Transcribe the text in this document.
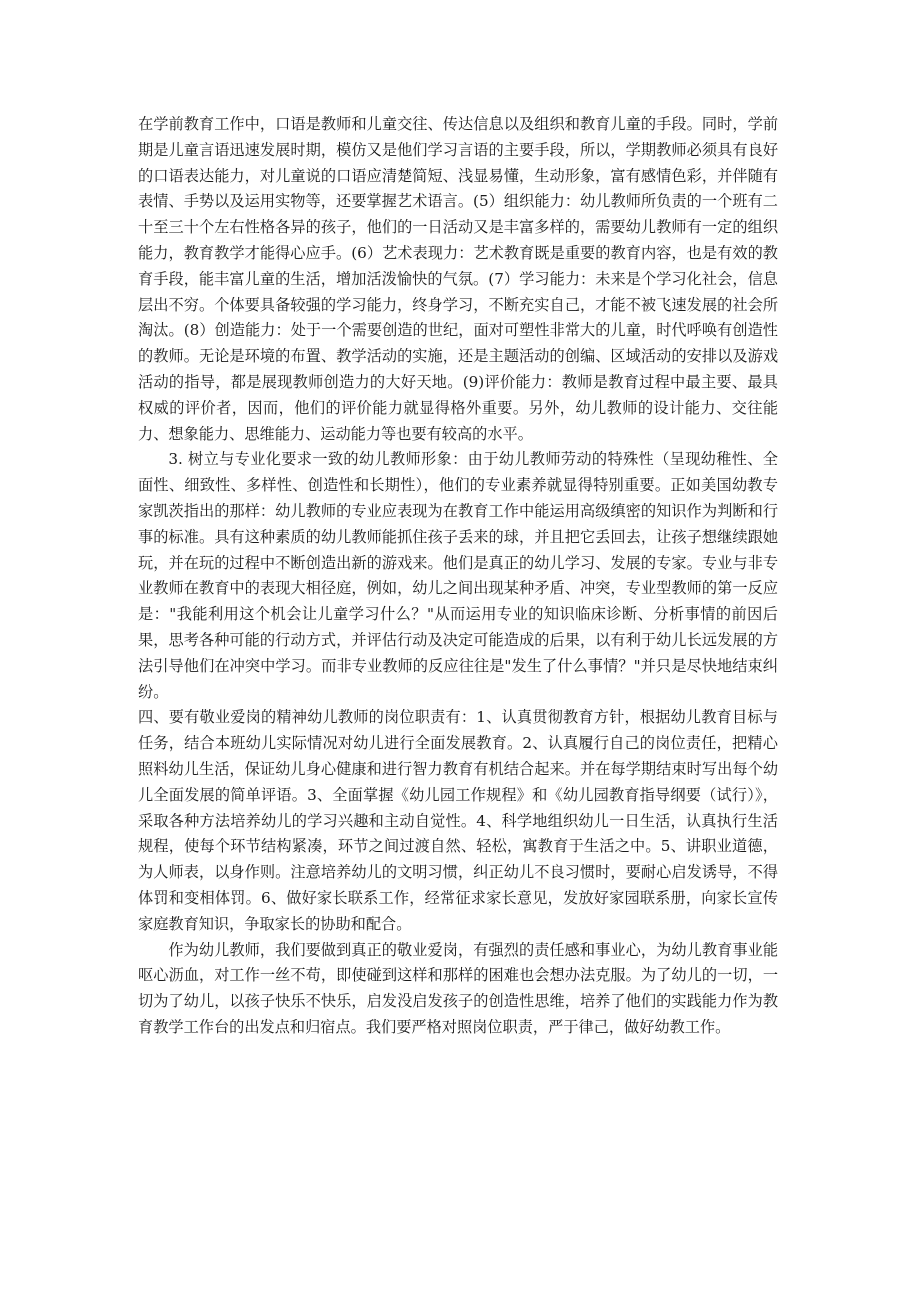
在学前教育工作中，口语是教师和儿童交往、传达信息以及组织和教育儿童的手段。同时，学前期是儿童言语迅速发展时期，模仿又是他们学习言语的主要手段，所以，学期教师必须具有良好的口语表达能力，对儿童说的口语应清楚简短、浅显易懂，生动形象，富有感情色彩，并伴随有表情、手势以及运用实物等，还要掌握艺术语言。(5）组织能力：幼儿教师所负责的一个班有二十至三十个左右性格各异的孩子，他们的一日活动又是丰富多样的，需要幼儿教师有一定的组织能力，教育教学才能得心应手。(6）艺术表现力：艺术教育既是重要的教育内容，也是有效的教育手段，能丰富儿童的生活，增加活泼愉快的气氛。(7）学习能力：未来是个学习化社会，信息层出不穷。个体要具备较强的学习能力，终身学习，不断充实自己，才能不被飞速发展的社会所淘汰。(8）创造能力：处于一个需要创造的世纪，面对可塑性非常大的儿童，时代呼唤有创造性的教师。无论是环境的布置、教学活动的实施，还是主题活动的创编、区域活动的安排以及游戏活动的指导，都是展现教师创造力的大好天地。(9)评价能力：教师是教育过程中最主要、最具权威的评价者，因而，他们的评价能力就显得格外重要。另外，幼儿教师的设计能力、交往能力、想象能力、思维能力、运动能力等也要有较高的水平。

3. 树立与专业化要求一致的幼儿教师形象：由于幼儿教师劳动的特殊性（呈现幼稚性、全面性、细致性、多样性、创造性和长期性），他们的专业素养就显得特别重要。正如美国幼教专家凯茨指出的那样：幼儿教师的专业应表现为在教育工作中能运用高级缜密的知识作为判断和行事的标准。具有这种素质的幼儿教师能抓住孩子丢来的球，并且把它丢回去，让孩子想继续跟她玩，并在玩的过程中不断创造出新的游戏来。他们是真正的幼儿学习、发展的专家。专业与非专业教师在教育中的表现大相径庭，例如，幼儿之间出现某种矛盾、冲突，专业型教师的第一反应是："我能利用这个机会让儿童学习什么？"从而运用专业的知识临床诊断、分析事情的前因后果，思考各种可能的行动方式，并评估行动及决定可能造成的后果，以有利于幼儿长远发展的方法引导他们在冲突中学习。而非专业教师的反应往往是"发生了什么事情？"并只是尽快地结束纠纷。

四、要有敬业爱岗的精神幼儿教师的岗位职责有：1、认真贯彻教育方针，根据幼儿教育目标与任务，结合本班幼儿实际情况对幼儿进行全面发展教育。2、认真履行自己的岗位责任，把精心照料幼儿生活，保证幼儿身心健康和进行智力教育有机结合起来。并在每学期结束时写出每个幼儿全面发展的简单评语。3、全面掌握《幼儿园工作规程》和《幼儿园教育指导纲要（试行）》，采取各种方法培养幼儿的学习兴趣和主动自觉性。4、科学地组织幼儿一日生活，认真执行生活规程，使每个环节结构紧凑，环节之间过渡自然、轻松，寓教育于生活之中。5、讲职业道德，为人师表，以身作则。注意培养幼儿的文明习惯，纠正幼儿不良习惯时，要耐心启发诱导，不得体罚和变相体罚。6、做好家长联系工作，经常征求家长意见，发放好家园联系册，向家长宣传家庭教育知识，争取家长的协助和配合。

作为幼儿教师，我们要做到真正的敬业爱岗，有强烈的责任感和事业心，为幼儿教育事业能呕心沥血，对工作一丝不苟，即使碰到这样和那样的困难也会想办法克服。为了幼儿的一切，一切为了幼儿，以孩子快乐不快乐，启发没启发孩子的创造性思维，培养了他们的实践能力作为教育教学工作台的出发点和归宿点。我们要严格对照岗位职责，严于律己，做好幼教工作。
